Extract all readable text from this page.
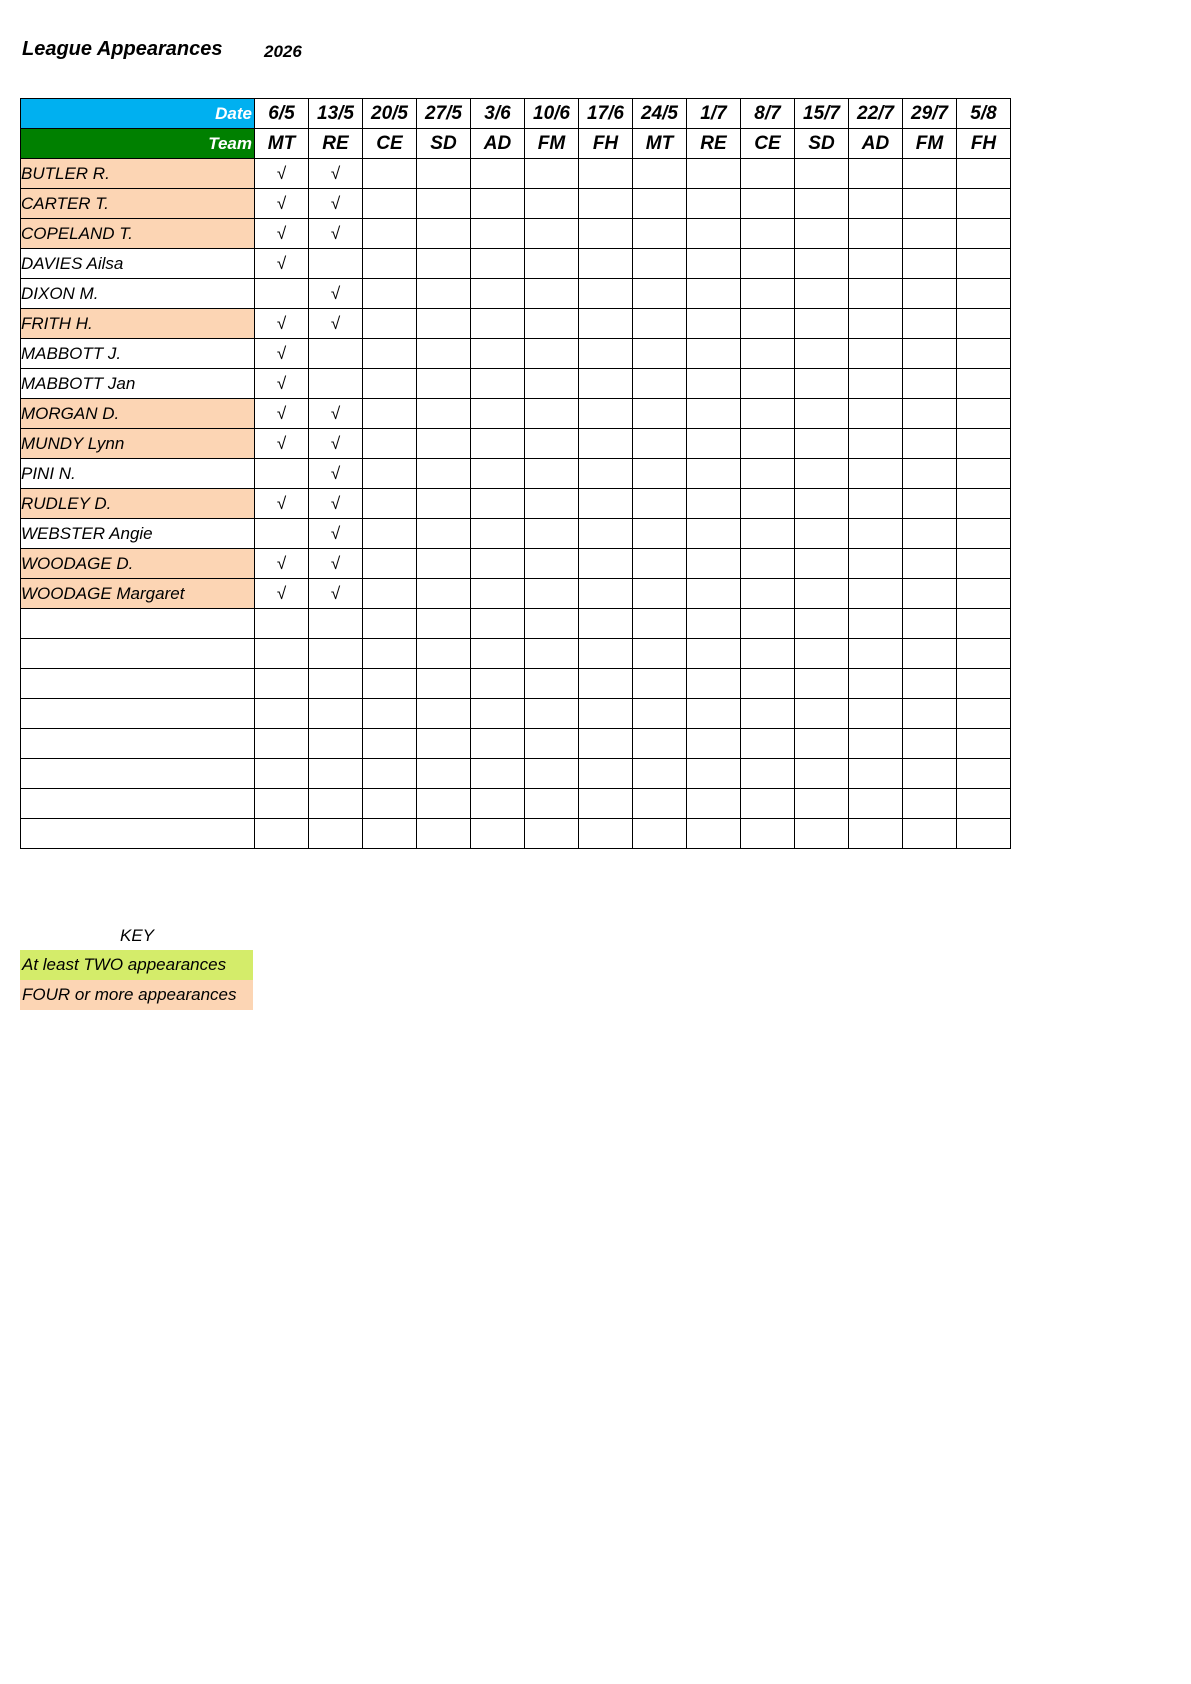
League Appearances 2026
Date	6/5	13/5	20/5	27/5	3/6	10/6	17/6	24/5	1/7	8/7	15/7	22/7	29/7	5/8
Team	MT	RE	CE	SD	AD	FM	FH	MT	RE	CE	SD	AD	FM	FH
BUTLER R.	√	√												
CARTER T.	√	√												
COPELAND T.	√	√												
DAVIES Ailsa	√													
DIXON M.		√												
FRITH H.	√	√												
MABBOTT J.	√													
MABBOTT Jan	√													
MORGAN D.	√	√												
MUNDY Lynn	√	√												
PINI N.		√												
RUDLEY D.	√	√												
WEBSTER Angie		√												
WOODAGE D.	√	√												
WOODAGE Margaret	√	√												

KEY
At least TWO appearances
FOUR or more appearances
